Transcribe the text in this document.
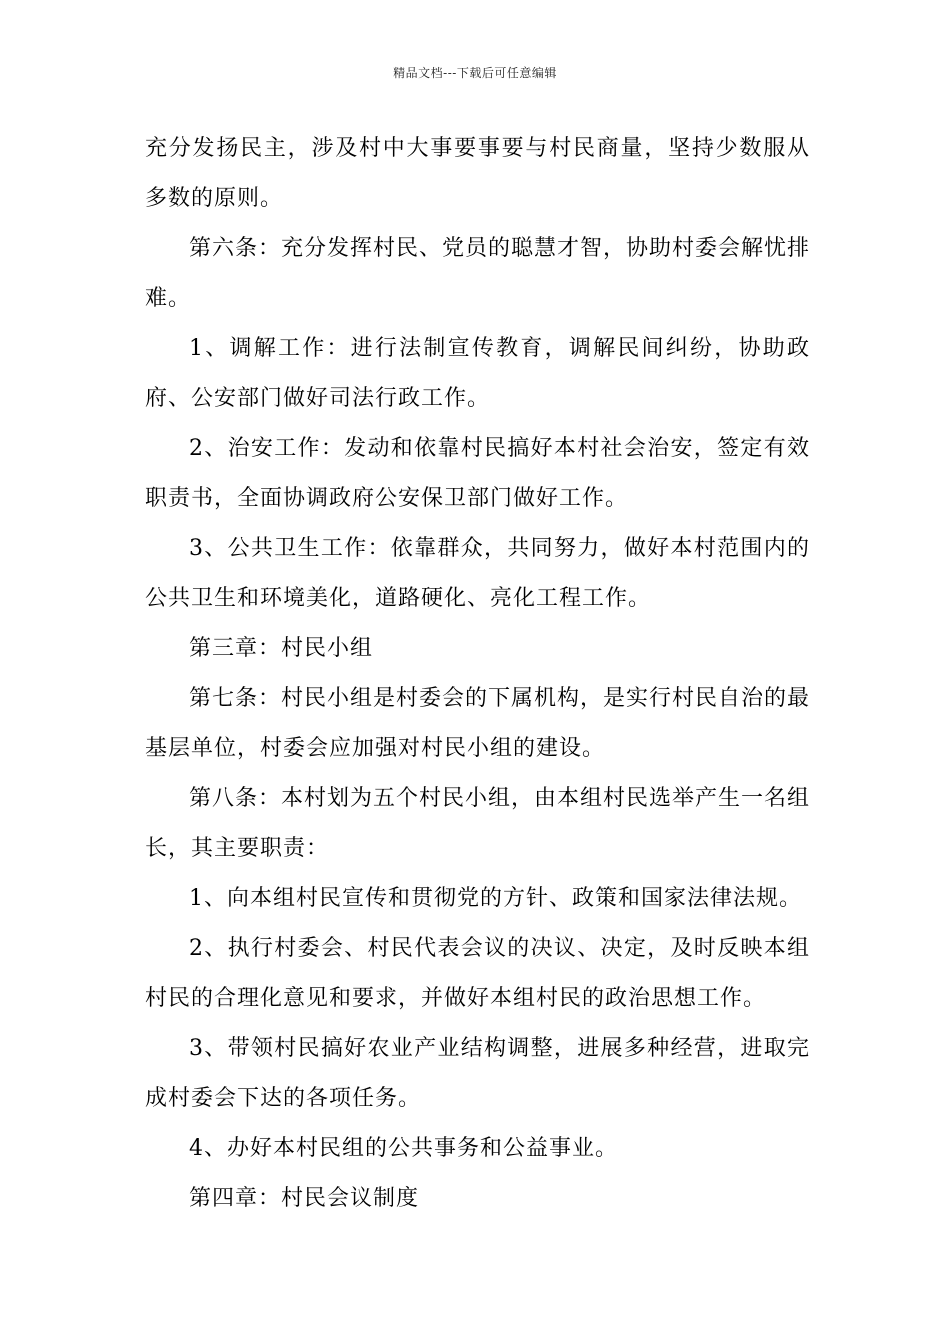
精品文档---下载后可任意编辑

充分发扬民主，涉及村中大事要事要与村民商量，坚持少数服从多数的原则。

第六条：充分发挥村民、党员的聪慧才智，协助村委会解忧排难。

1、调解工作：进行法制宣传教育，调解民间纠纷，协助政府、公安部门做好司法行政工作。

2、治安工作：发动和依靠村民搞好本村社会治安，签定有效职责书，全面协调政府公安保卫部门做好工作。

3、公共卫生工作：依靠群众，共同努力，做好本村范围内的公共卫生和环境美化，道路硬化、亮化工程工作。

第三章：村民小组

第七条：村民小组是村委会的下属机构，是实行村民自治的最基层单位，村委会应加强对村民小组的建设。

第八条：本村划为五个村民小组，由本组村民选举产生一名组长，其主要职责：

1、向本组村民宣传和贯彻党的方针、政策和国家法律法规。

2、执行村委会、村民代表会议的决议、决定，及时反映本组村民的合理化意见和要求，并做好本组村民的政治思想工作。

3、带领村民搞好农业产业结构调整，进展多种经营，进取完成村委会下达的各项任务。

4、办好本村民组的公共事务和公益事业。

第四章：村民会议制度
